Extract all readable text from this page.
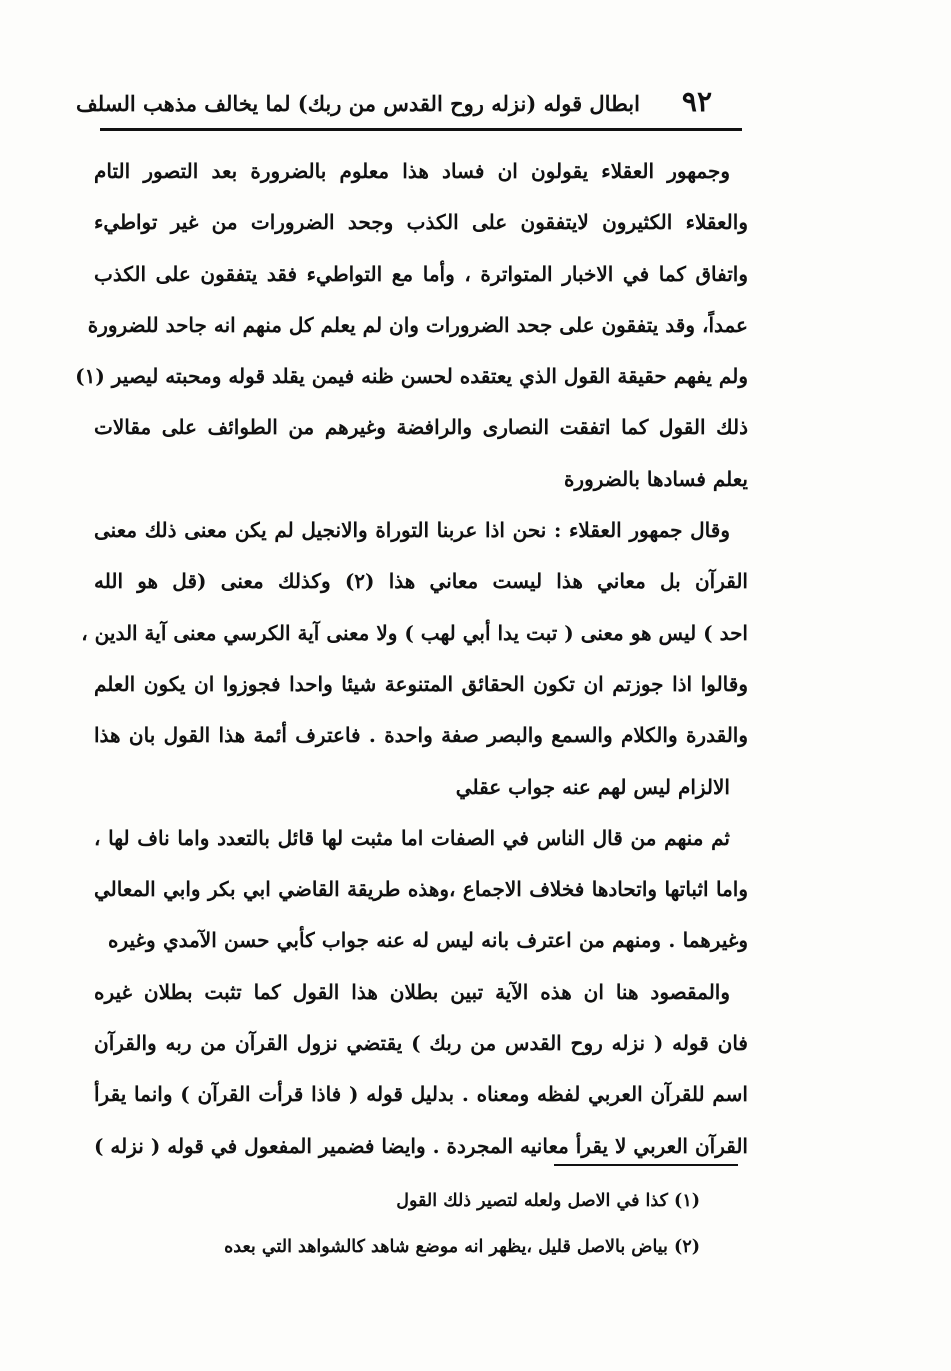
٩٢
ابطال قوله (نزله روح القدس من ربك) لما يخالف مذهب السلف
وجمهور العقلاء يقولون ان فساد هذا معلوم بالضرورة بعد التصور التام
والعقلاء الكثيرون لايتفقون على الكذب وجحد الضرورات من غير تواطيء
واتفاق كما في الاخبار المتواترة ، وأما مع التواطيء فقد يتفقون على الكذب
عمداً، وقد يتفقون على جحد الضرورات وان لم يعلم كل منهم انه جاحد للضرورة
ولم يفهم حقيقة القول الذي يعتقده لحسن ظنه فيمن يقلد قوله ومحبته ليصير (١)
ذلك القول كما اتفقت النصارى والرافضة وغيرهم من الطوائف على مقالات
يعلم فسادها بالضرورة
وقال جمهور العقلاء : نحن اذا عربنا التوراة والانجيل لم يكن معنى ذلك معنى
القرآن بل معاني هذا ليست معاني هذا (٢) وكذلك معنى (قل هو الله
احد ) ليس هو معنى ( تبت يدا أبي لهب ) ولا معنى آية الكرسي معنى آية الدين ،
وقالوا اذا جوزتم ان تكون الحقائق المتنوعة شيئا واحدا فجوزوا ان يكون العلم
والقدرة والكلام والسمع والبصر صفة واحدة . فاعترف أئمة هذا القول بان هذا
الالزام ليس لهم عنه جواب عقلي
ثم منهم من قال الناس في الصفات اما مثبت لها قائل بالتعدد واما ناف لها ،
واما اثباتها واتحادها فخلاف الاجماع ،وهذه طريقة القاضي ابي بكر وابي المعالي
وغيرهما . ومنهم من اعترف بانه ليس له عنه جواب كأبي حسن الآمدي وغيره
والمقصود هنا ان هذه الآية تبين بطلان هذا القول كما تثبت بطلان غيره
فان قوله ( نزله روح القدس من ربك ) يقتضي نزول القرآن من ربه والقرآن
اسم للقرآن العربي لفظه ومعناه . بدليل قوله ( فاذا قرأت القرآن ) وانما يقرأ
القرآن العربي لا يقرأ معانيه المجردة . وايضا فضمير المفعول في قوله ( نزله )
(١) كذا في الاصل ولعله لتصير ذلك القول
(٢) بياض بالاصل قليل ،يظهر انه موضع شاهد كالشواهد التي بعده
